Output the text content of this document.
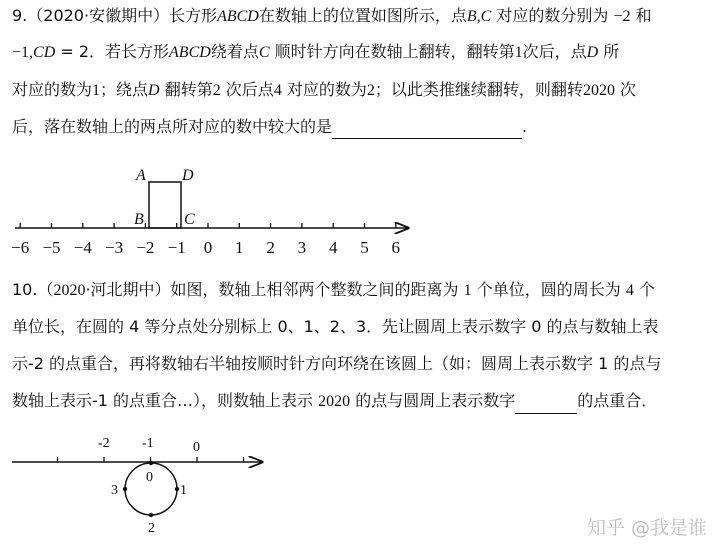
9.（2020·安徽期中）长方形ABCD在数轴上的位置如图所示，点B,C 对应的数分别为 −2 和
−1,CD = 2．若长方形ABCD绕着点C 顺时针方向在数轴上翻转，翻转第1次后，点D 所
对应的数为1；绕点D 翻转第2 次后点4 对应的数为2；以此类推继续翻转，则翻转2020 次
后，落在数轴上的两点所对应的数中较大的是	.
10.（2020·河北期中）如图，数轴上相邻两个整数之间的距离为 1 个单位，圆的周长为 4 个
单位长，在圆的 4 等分点处分别标上 0、1、2、3．先让圆周上表示数字 0 的点与数轴上表
示-2 的点重合，再将数轴右半轴按顺时针方向环绕在该圆上（如：圆周上表示数字 1 的点与
数轴上表示-1 的点重合…），则数轴上表示 2020 的点与圆周上表示数字	的点重合．
−6 −5 −4 −3 −2 −1 0 1 2 3 4 5 6
A D
B	C
-2 -1	0
0
1
2
3
知乎 @我是谁
